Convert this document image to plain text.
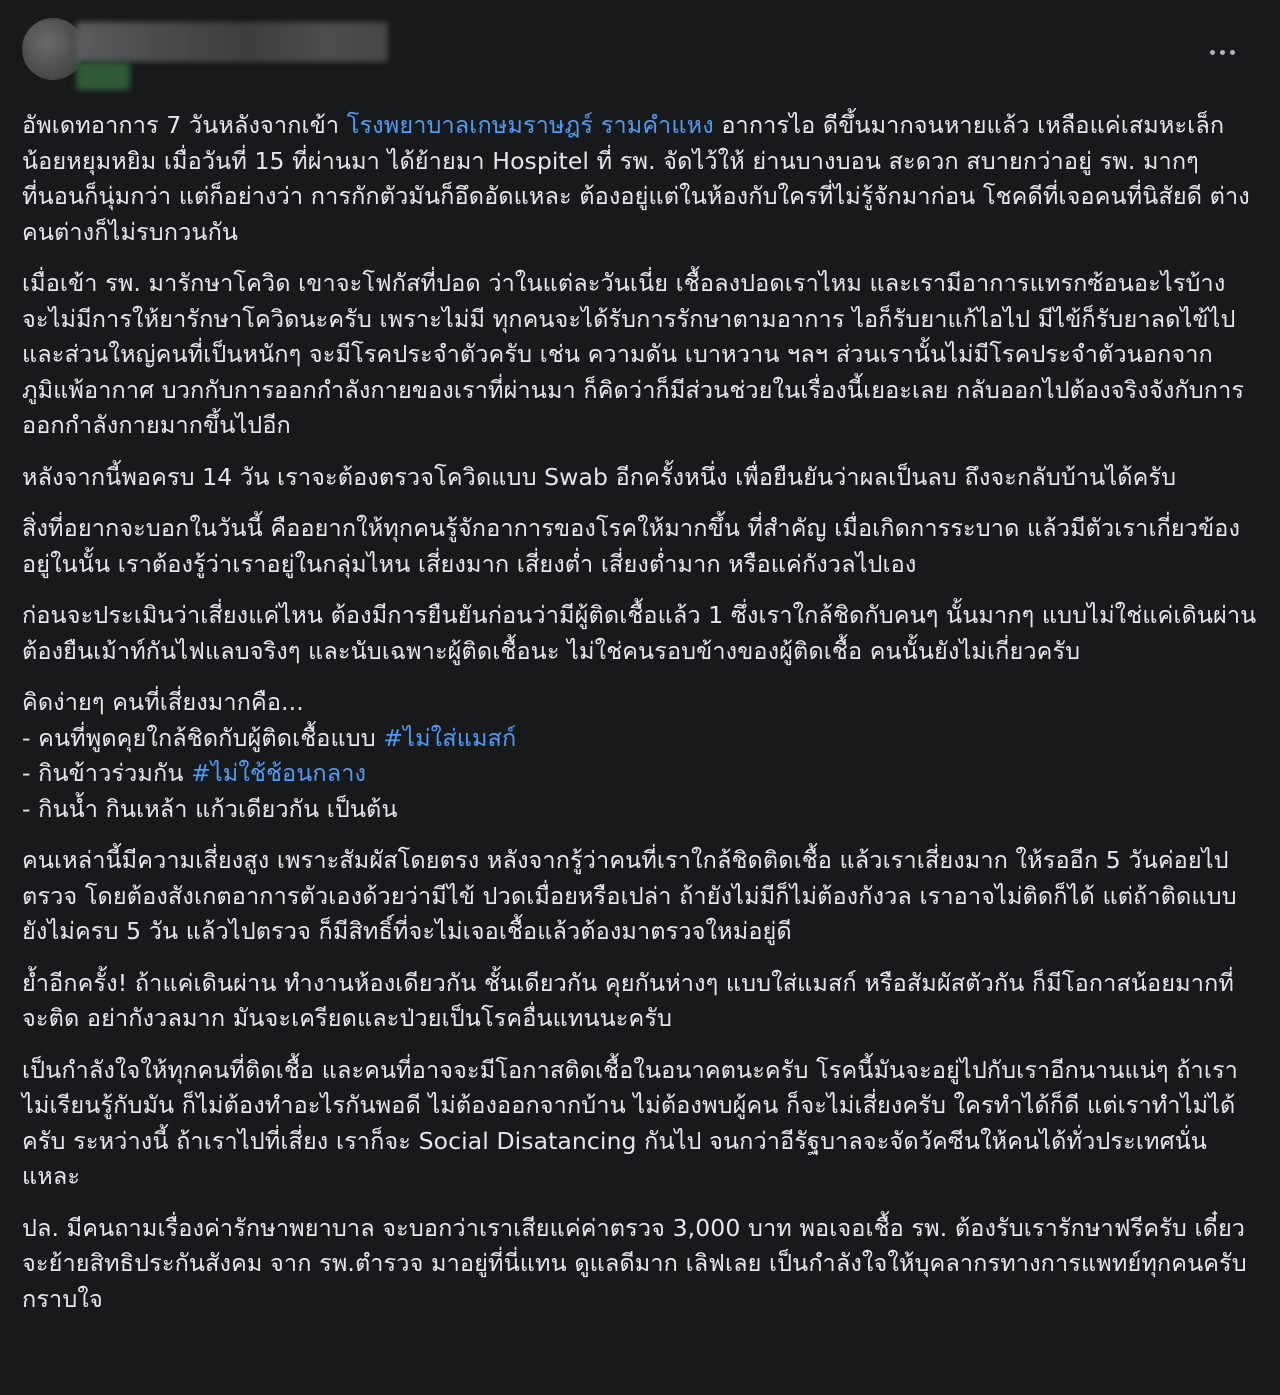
อัพเดทอาการ 7 วันหลังจากเข้า โรงพยาบาลเกษมราษฎร์ รามคำแหง อาการไอ ดีขึ้นมากจนหายแล้ว เหลือแค่เสมหะเล็กน้อยหยุมหยิม เมื่อวันที่ 15 ที่ผ่านมา ได้ย้ายมา Hospitel ที่ รพ. จัดไว้ให้ ย่านบางบอน สะดวก สบายกว่าอยู่ รพ. มากๆ ที่นอนก็นุ่มกว่า แต่ก็อย่างว่า การกักตัวมันก็อึดอัดแหละ ต้องอยู่แต่ในห้องกับใครที่ไม่รู้จักมาก่อน โชคดีที่เจอคนที่นิสัยดี ต่างคนต่างก็ไม่รบกวนกัน

เมื่อเข้า รพ. มารักษาโควิด เขาจะโฟกัสที่ปอด ว่าในแต่ละวันเนี่ย เชื้อลงปอดเราไหม และเรามีอาการแทรกซ้อนอะไรบ้าง จะไม่มีการให้ยารักษาโควิดนะครับ เพราะไม่มี ทุกคนจะได้รับการรักษาตามอาการ ไอก็รับยาแก้ไอไป มีไข้ก็รับยาลดไข้ไป และส่วนใหญ่คนที่เป็นหนักๆ จะมีโรคประจำตัวครับ เช่น ความดัน เบาหวาน ฯลฯ ส่วนเรานั้นไม่มีโรคประจำตัวนอกจากภูมิแพ้อากาศ บวกกับการออกกำลังกายของเราที่ผ่านมา ก็คิดว่าก็มีส่วนช่วยในเรื่องนี้เยอะเลย กลับออกไปต้องจริงจังกับการออกกำลังกายมากขึ้นไปอีก

หลังจากนี้พอครบ 14 วัน เราจะต้องตรวจโควิดแบบ Swab อีกครั้งหนึ่ง เพื่อยืนยันว่าผลเป็นลบ ถึงจะกลับบ้านได้ครับ

สิ่งที่อยากจะบอกในวันนี้ คืออยากให้ทุกคนรู้จักอาการของโรคให้มากขึ้น ที่สำคัญ เมื่อเกิดการระบาด แล้วมีตัวเราเกี่ยวข้องอยู่ในนั้น เราต้องรู้ว่าเราอยู่ในกลุ่มไหน เสี่ยงมาก เสี่ยงต่ำ เสี่ยงต่ำมาก หรือแค่กังวลไปเอง

ก่อนจะประเมินว่าเสี่ยงแค่ไหน ต้องมีการยืนยันก่อนว่ามีผู้ติดเชื้อแล้ว 1 ซึ่งเราใกล้ชิดกับคนๆ นั้นมากๆ แบบไม่ใช่แค่เดินผ่าน ต้องยืนเม้าท์กันไฟแลบจริงๆ และนับเฉพาะผู้ติดเชื้อนะ ไม่ใช่คนรอบข้างของผู้ติดเชื้อ คนนั้นยังไม่เกี่ยวครับ

คิดง่ายๆ คนที่เสี่ยงมากคือ...
- คนที่พูดคุยใกล้ชิดกับผู้ติดเชื้อแบบ #ไม่ใส่แมสก์
- กินข้าวร่วมกัน #ไม่ใช้ช้อนกลาง
- กินน้ำ กินเหล้า แก้วเดียวกัน เป็นต้น

คนเหล่านี้มีความเสี่ยงสูง เพราะสัมผัสโดยตรง หลังจากรู้ว่าคนที่เราใกล้ชิดติดเชื้อ แล้วเราเสี่ยงมาก ให้รออีก 5 วันค่อยไปตรวจ โดยต้องสังเกตอาการตัวเองด้วยว่ามีไข้ ปวดเมื่อยหรือเปล่า ถ้ายังไม่มีก็ไม่ต้องกังวล เราอาจไม่ติดก็ได้ แต่ถ้าติดแบบยังไม่ครบ 5 วัน แล้วไปตรวจ ก็มีสิทธิ์ที่จะไม่เจอเชื้อแล้วต้องมาตรวจใหม่อยู่ดี

ย้ำอีกครั้ง! ถ้าแค่เดินผ่าน ทำงานห้องเดียวกัน ชั้นเดียวกัน คุยกันห่างๆ แบบใส่แมสก์ หรือสัมผัสตัวกัน ก็มีโอกาสน้อยมากที่จะติด อย่ากังวลมาก มันจะเครียดและป่วยเป็นโรคอื่นแทนนะครับ

เป็นกำลังใจให้ทุกคนที่ติดเชื้อ และคนที่อาจจะมีโอกาสติดเชื้อในอนาคตนะครับ โรคนี้มันจะอยู่ไปกับเราอีกนานแน่ๆ ถ้าเราไม่เรียนรู้กับมัน ก็ไม่ต้องทำอะไรกันพอดี ไม่ต้องออกจากบ้าน ไม่ต้องพบผู้คน ก็จะไม่เสี่ยงครับ ใครทำได้ก็ดี แต่เราทำไม่ได้ครับ ระหว่างนี้ ถ้าเราไปที่เสี่ยง เราก็จะ Social Disatancing กันไป จนกว่าอีรัฐบาลจะจัดวัคซีนให้คนได้ทั่วประเทศนั่นแหละ

ปล. มีคนถามเรื่องค่ารักษาพยาบาล จะบอกว่าเราเสียแค่ค่าตรวจ 3,000 บาท พอเจอเชื้อ รพ. ต้องรับเรารักษาฟรีครับ เดี๋ยวจะย้ายสิทธิประกันสังคม จาก รพ.ตำรวจ มาอยู่ที่นี่แทน ดูแลดีมาก เลิฟเลย เป็นกำลังใจให้บุคลากรทางการแพทย์ทุกคนครับ กราบใจ
